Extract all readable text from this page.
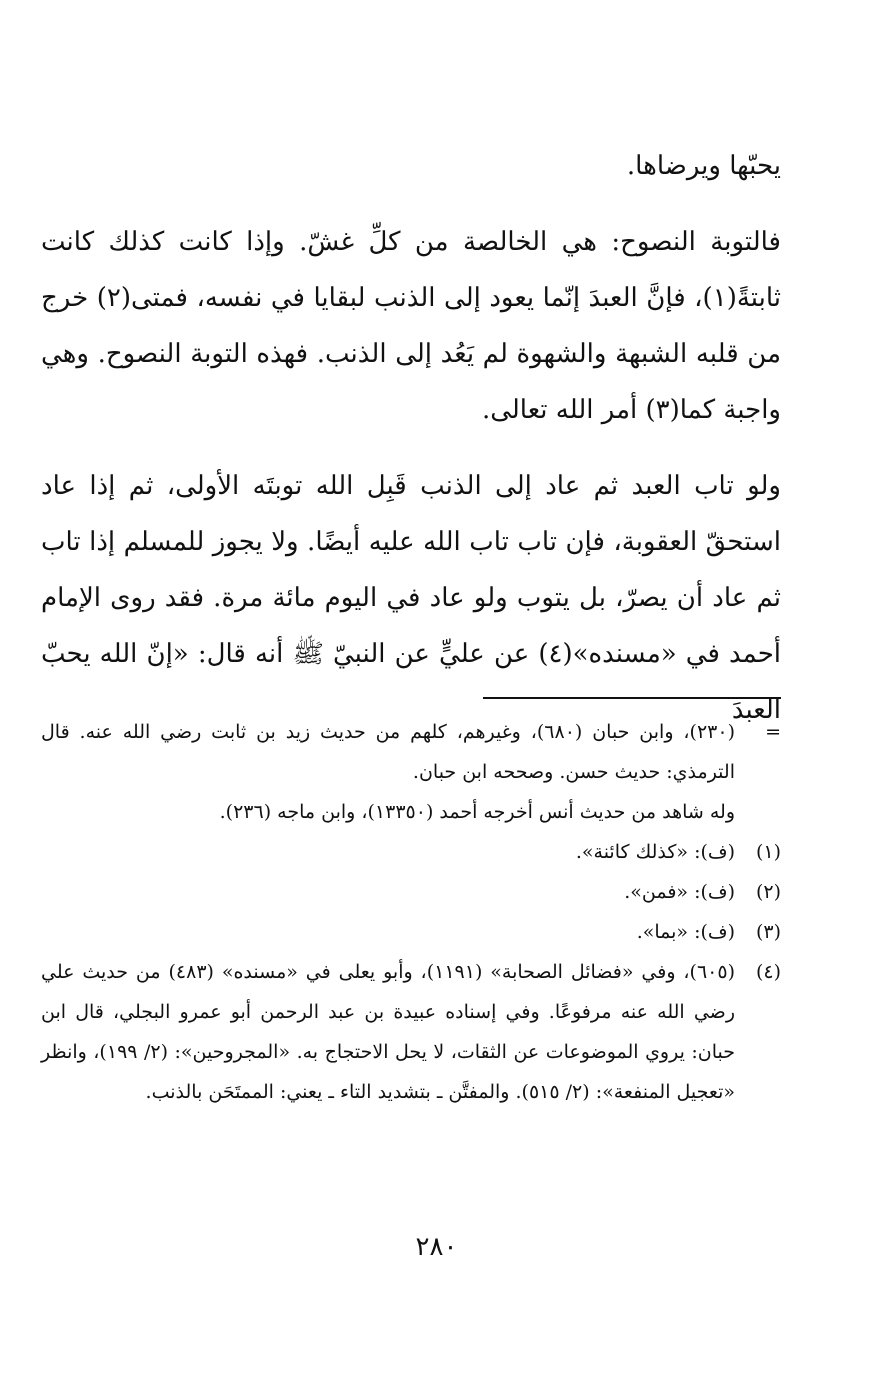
يحبّها ويرضاها.

فالتوبة النصوح: هي الخالصة من كلِّ غشّ. وإذا كانت كذلك كانت ثابتةً(١)، فإنَّ العبدَ إنّما يعود إلى الذنب لبقايا في نفسه، فمتى(٢) خرج من قلبه الشبهة والشهوة لم يَعُد إلى الذنب. فهذه التوبة النصوح. وهي واجبة كما(٣) أمر الله تعالى.

ولو تاب العبد ثم عاد إلى الذنب قَبِل الله توبتَه الأولى، ثم إذا عاد استحقّ العقوبة، فإن تاب تاب الله عليه أيضًا. ولا يجوز للمسلم إذا تاب ثم عاد أن يصرّ، بل يتوب ولو عاد في اليوم مائة مرة. فقد روى الإمام أحمد في «مسنده»(٤) عن عليٍّ عن النبيّ ﷺ أنه قال: «إنّ الله يحبّ العبدَ

=
(٢٣٠)، وابن حبان (٦٨٠)، وغيرهم، كلهم من حديث زيد بن ثابت رضي الله عنه. قال الترمذي: حديث حسن. وصححه ابن حبان.
وله شاهد من حديث أنس أخرجه أحمد (١٣٣٥٠)، وابن ماجه (٢٣٦).
(١)
(ف): «كذلك كائنة».
(٢)
(ف): «فمن».
(٣)
(ف): «بما».
(٤)
(٦٠٥)، وفي «فضائل الصحابة» (١١٩١)، وأبو يعلى في «مسنده» (٤٨٣) من حديث علي رضي الله عنه مرفوعًا. وفي إسناده عبيدة بن عبد الرحمن أبو عمرو البجلي، قال ابن حبان: يروي الموضوعات عن الثقات، لا يحل الاحتجاج به. «المجروحين»: (٢/ ١٩٩)، وانظر «تعجيل المنفعة»: (٢/ ٥١٥). والمفتَّن ـ بتشديد التاء ـ يعني: الممتَحَن بالذنب.
٢٨٠
